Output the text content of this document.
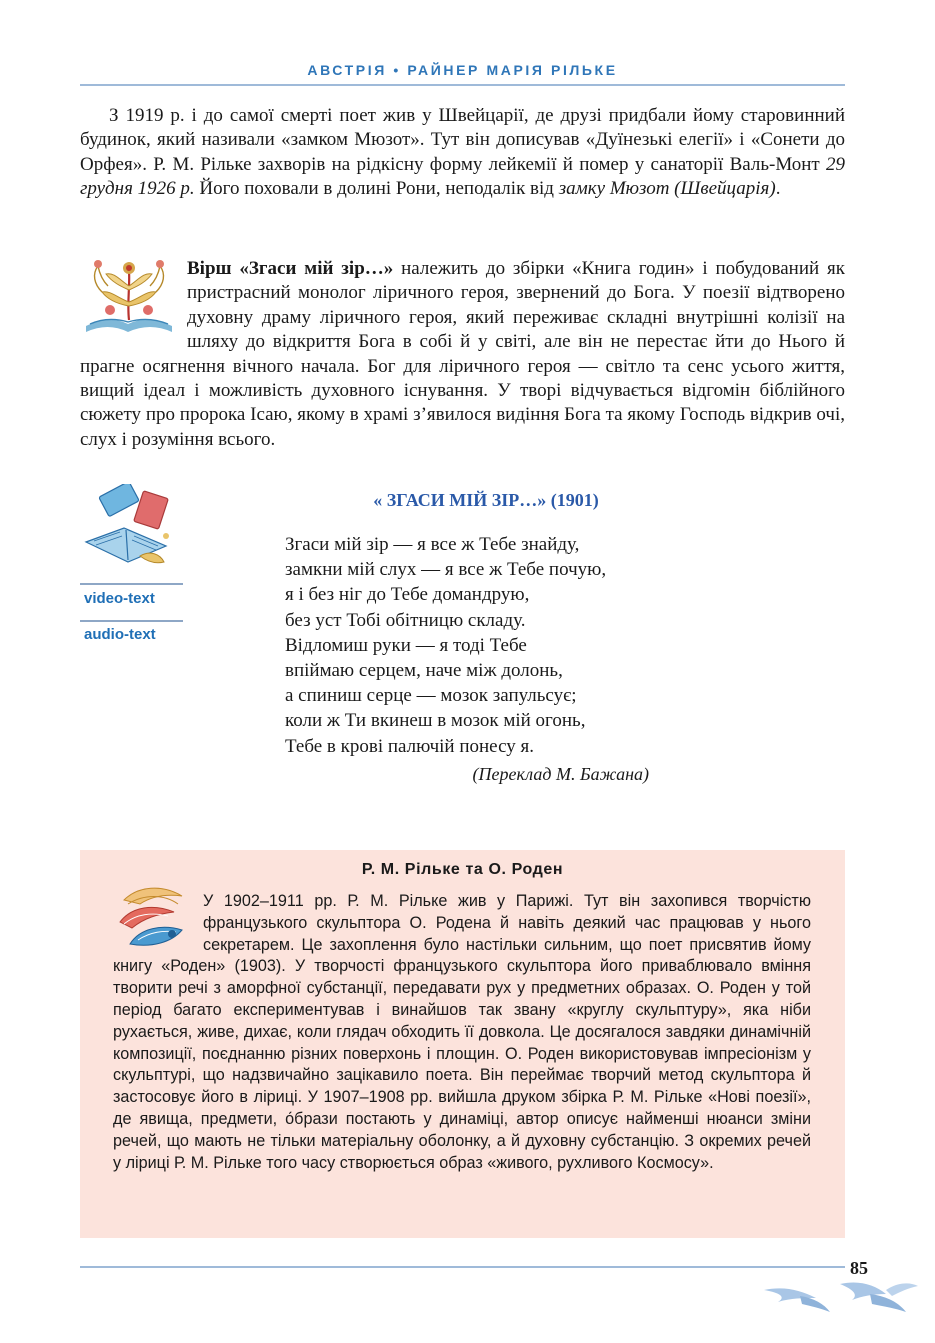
АВСТРІЯ • РАЙНЕР МАРІЯ РІЛЬКЕ

З 1919 р. і до самої смерті поет жив у Швейцарії, де друзі придбали йому старовинний будинок, який називали «замком Мюзот». Тут він дописував «Дуїнезькі елегії» і «Сонети до Орфея». Р. М. Рільке захворів на рідкісну форму лейкемії й помер у санаторії Валь-Монт 29 грудня 1926 р. Його поховали в долині Рони, неподалік від замку Мюзот (Швейцарія).

Вірш «Згаси мій зір…» належить до збірки «Книга годин» і побудований як пристрасний монолог ліричного героя, звернений до Бога. У поезії відтворено духовну драму ліричного героя, який переживає складні внутрішні колізії на шляху до відкриття Бога в собі й у світі, але він не перестає йти до Нього й прагне осягнення вічного начала. Бог для ліричного героя — світло та сенс усього життя, вищий ідеал і можливість духовного існування. У творі відчувається відгомін біблійного сюжету про пророка Ісаю, якому в храмі з’явилося видіння Бога та якому Господь відкрив очі, слух і розуміння всього.

video-text
audio-text
« ЗГАСИ МІЙ ЗІР…» (1901)
Згаси мій зір — я все ж Тебе знайду,
замкни мій слух — я все ж Тебе почую,
я і без ніг до Тебе домандрую,
без уст Тобі обітницю складу.
Відломиш руки — я тоді Тебе
впіймаю серцем, наче між долонь,
а спиниш серце — мозок запульсує;
коли ж Ти вкинеш в мозок мій огонь,
Тебе в крові палючій понесу я.
(Переклад М. Бажана)
Р. М. Рільке та О. Роден

У 1902–1911 рр. Р. М. Рільке жив у Парижі. Тут він захопився творчістю французького скульптора О. Родена й навіть деякий час працював у нього секретарем. Це захоплення було настільки сильним, що поет присвятив йому книгу «Роден» (1903). У творчості французького скульптора його приваблювало вміння творити речі з аморфної субстанції, передавати рух у предметних образах. О. Роден у той період багато експериментував і винайшов так звану «круглу скульптуру», яка ніби рухається, живе, дихає, коли глядач обходить її довкола. Це досягалося завдяки динамічній композиції, поєднанню різних поверхонь і площин. О. Роден використовував імпресіонізм у скульптурі, що надзвичайно зацікавило поета. Він переймає творчий метод скульптора й застосовує його в ліриці. У 1907–1908 рр. вийшла друком збірка Р. М. Рільке «Нові поезії», де явища, предмети, о́брази постають у динаміці, автор описує найменші нюанси зміни речей, що мають не тільки матеріальну оболонку, а й духовну субстанцію. З окремих речей у ліриці Р. М. Рільке того часу створюється образ «живого, рухливого Космосу».

85
